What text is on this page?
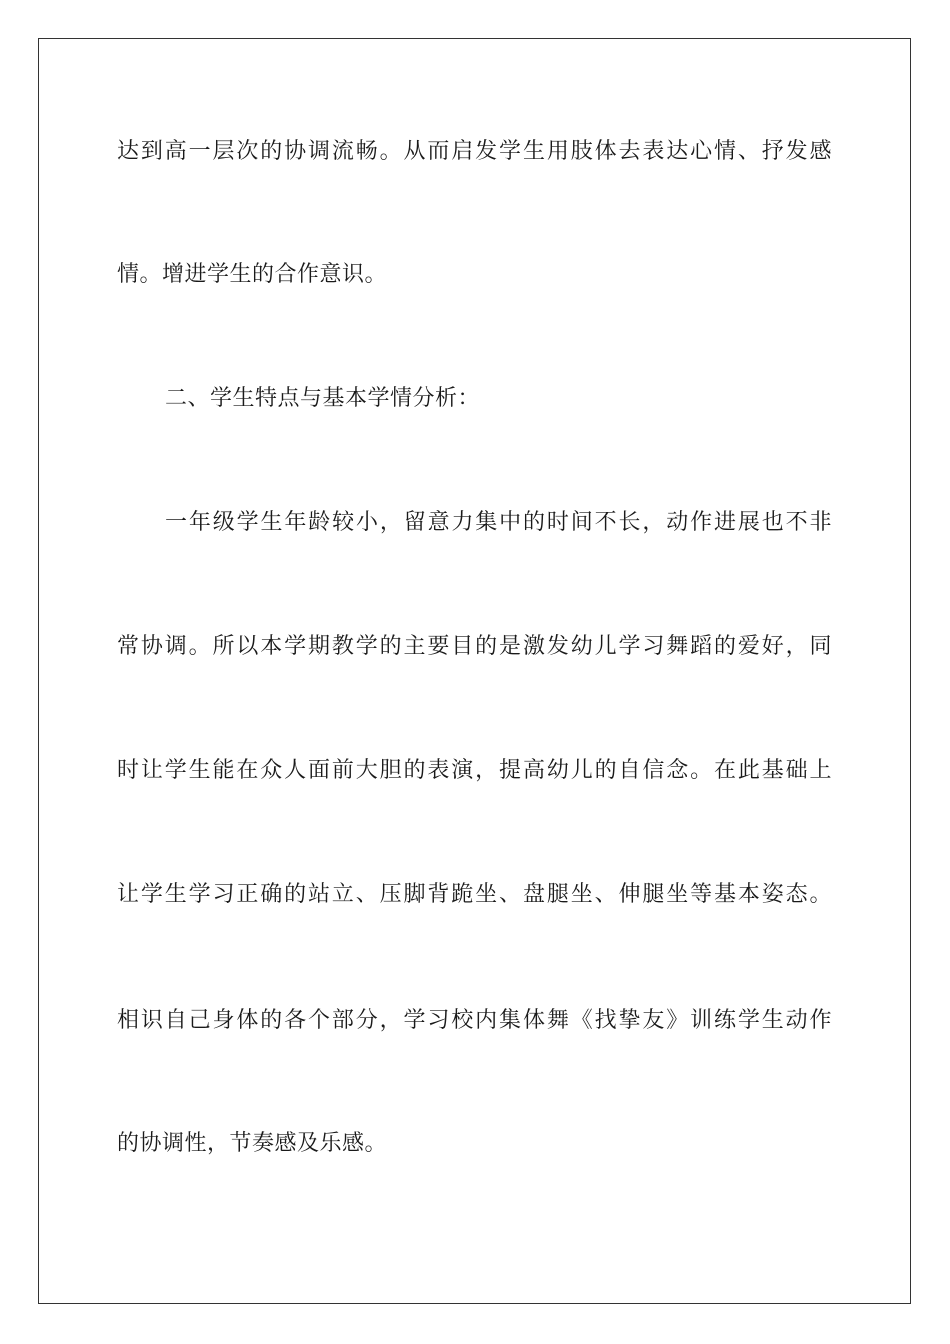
达到高一层次的协调流畅。从而启发学生用肢体去表达心情、抒发感
情。增进学生的合作意识。
二、学生特点与基本学情分析：
一年级学生年龄较小，留意力集中的时间不长，动作进展也不非
常协调。所以本学期教学的主要目的是激发幼儿学习舞蹈的爱好，同
时让学生能在众人面前大胆的表演，提高幼儿的自信念。在此基础上
让学生学习正确的站立、压脚背跪坐、盘腿坐、伸腿坐等基本姿态。
相识自己身体的各个部分，学习校内集体舞《找挚友》训练学生动作
的协调性，节奏感及乐感。
